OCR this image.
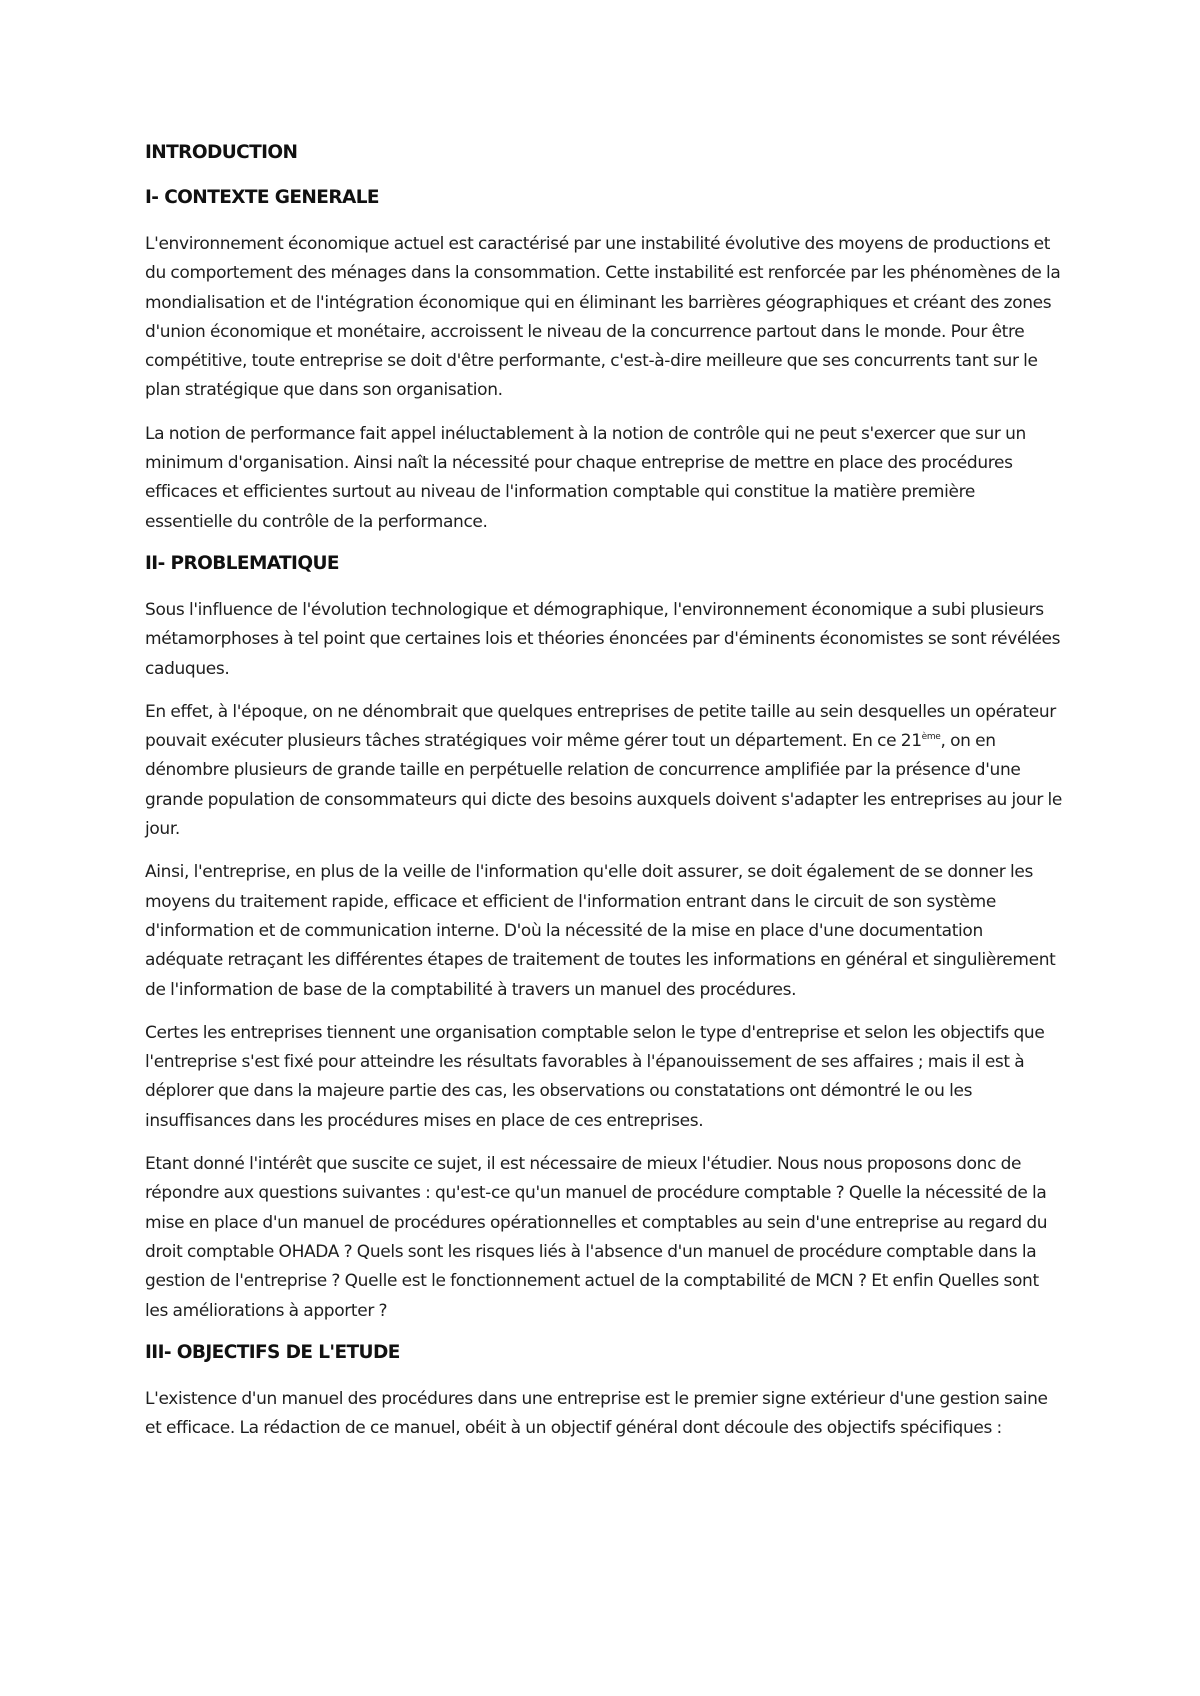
INTRODUCTION
I- CONTEXTE GENERALE

L'environnement économique actuel est caractérisé par une instabilité évolutive des moyens de productions et du comportement des ménages dans la consommation. Cette instabilité est renforcée par les phénomènes de la mondialisation et de l'intégration économique qui en éliminant les barrières géographiques et créant des zones d'union économique et monétaire, accroissent le niveau de la concurrence partout dans le monde. Pour être compétitive, toute entreprise se doit d'être performante, c'est-à-dire meilleure que ses concurrents tant sur le plan stratégique que dans son organisation.

La notion de performance fait appel inéluctablement à la notion de contrôle qui ne peut s'exercer que sur un minimum d'organisation. Ainsi naît la nécessité pour chaque entreprise de mettre en place des procédures efficaces et efficientes surtout au niveau de l'information comptable qui constitue la matière première essentielle du contrôle de la performance.

II- PROBLEMATIQUE

Sous l'influence de l'évolution technologique et démographique, l'environnement économique a subi plusieurs métamorphoses à tel point que certaines lois et théories énoncées par d'éminents économistes se sont révélées caduques.

En effet, à l'époque, on ne dénombrait que quelques entreprises de petite taille au sein desquelles un opérateur pouvait exécuter plusieurs tâches stratégiques voir même gérer tout un département. En ce 21ème, on en dénombre plusieurs de grande taille en perpétuelle relation de concurrence amplifiée par la présence d'une grande population de consommateurs qui dicte des besoins auxquels doivent s'adapter les entreprises au jour le jour.

Ainsi, l'entreprise, en plus de la veille de l'information qu'elle doit assurer, se doit également de se donner les moyens du traitement rapide, efficace et efficient de l'information entrant dans le circuit de son système d'information et de communication interne. D'où la nécessité de la mise en place d'une documentation adéquate retraçant les différentes étapes de traitement de toutes les informations en général et singulièrement de l'information de base de la comptabilité à travers un manuel des procédures.

Certes les entreprises tiennent une organisation comptable selon le type d'entreprise et selon les objectifs que l'entreprise s'est fixé pour atteindre les résultats favorables à l'épanouissement de ses affaires ; mais il est à déplorer que dans la majeure partie des cas, les observations ou constatations ont démontré le ou les insuffisances dans les procédures mises en place de ces entreprises.

Etant donné l'intérêt que suscite ce sujet, il est nécessaire de mieux l'étudier. Nous nous proposons donc de répondre aux questions suivantes : qu'est-ce qu'un manuel de procédure comptable ? Quelle la nécessité de la mise en place d'un manuel de procédures opérationnelles et comptables au sein d'une entreprise au regard du droit comptable OHADA ? Quels sont les risques liés à l'absence d'un manuel de procédure comptable dans la gestion de l'entreprise ? Quelle est le fonctionnement actuel de la comptabilité de MCN ? Et enfin Quelles sont les améliorations à apporter ?

III- OBJECTIFS DE L'ETUDE

L'existence d'un manuel des procédures dans une entreprise est le premier signe extérieur d'une gestion saine et efficace. La rédaction de ce manuel, obéit à un objectif général dont découle des objectifs spécifiques :
